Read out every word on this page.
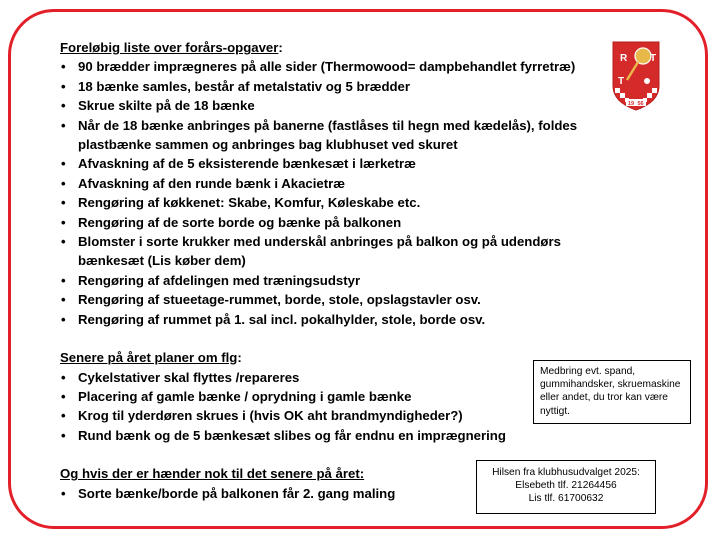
Foreløbig liste over forårs-opgaver:
• 90 brædder imprægneres på alle sider (Thermowood= dampbehandlet fyrretræ)
• 18 bænke samles, består af metalstativ og 5 brædder
• Skrue skilte på de 18 bænke
• Når de 18 bænke anbringes på banerne (fastlåses til hegn med kædelås), foldes plastbænke sammen og anbringes bag klubhuset ved skuret
• Afvaskning af de 5 eksisterende bænkesæt i lærketræ
• Afvaskning af den runde bænk i Akacietræ
• Rengøring af køkkenet: Skabe, Komfur, Køleskabe etc.
• Rengøring af de sorte borde og bænke på balkonen
• Blomster i sorte krukker med underskål anbringes på balkon og på udendørs bænkesæt (Lis køber dem)
• Rengøring af afdelingen med træningsudstyr
• Rengøring af stueetage-rummet, borde, stole, opslagstavler osv.
• Rengøring af rummet på 1. sal incl. pokalhylder, stole, borde osv.
Senere på året planer om flg:
• Cykelstativer skal flyttes /repareres
• Placering af gamle bænke / oprydning i gamle bænke
• Krog til yderdøren skrues i (hvis OK aht brandmyndigheder?)
• Rund bænk og de 5 bænkesæt slibes og får endnu en imprægnering
Og hvis der er hænder nok til det senere på året:
• Sorte bænke/borde på balkonen får 2. gang maling
Medbring evt. spand, gummihandsker, skruemaskine eller andet, du tror kan være nyttigt.
Hilsen fra klubhusudvalget 2025:
Elsebeth tlf. 21264456
Lis tlf. 61700632
R T
T
19 56
